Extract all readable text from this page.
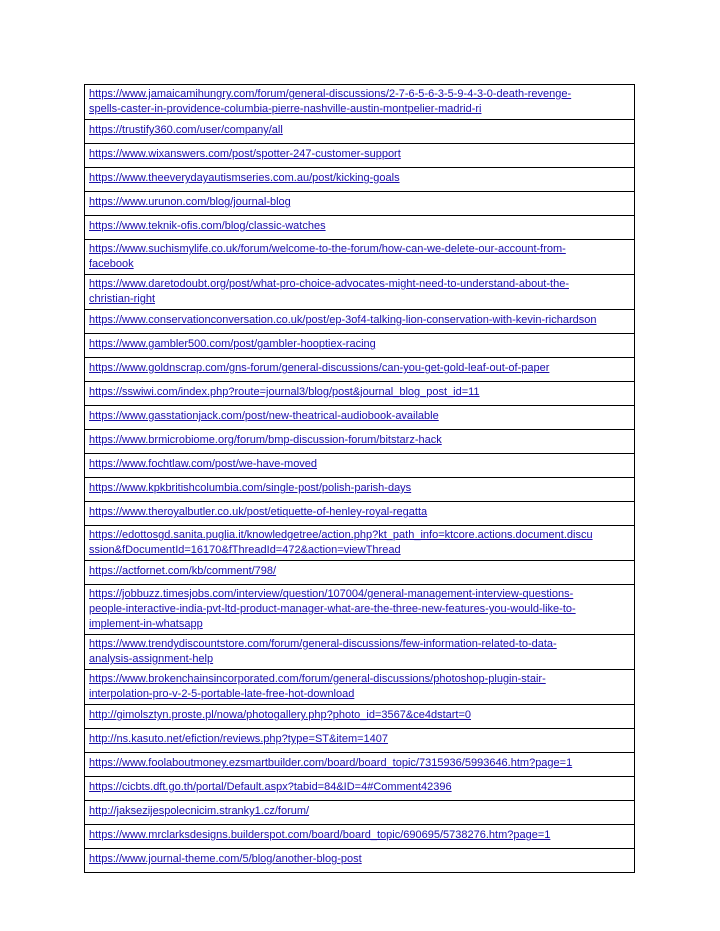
https://www.jamaicamihungry.com/forum/general-discussions/2-7-6-5-6-3-5-9-4-3-0-death-revenge-
spells-caster-in-providence-columbia-pierre-nashville-austin-montpelier-madrid-ri
https://trustify360.com/user/company/all
https://www.wixanswers.com/post/spotter-247-customer-support
https://www.theeverydayautismseries.com.au/post/kicking-goals
https://www.urunon.com/blog/journal-blog
https://www.teknik-ofis.com/blog/classic-watches
https://www.suchismylife.co.uk/forum/welcome-to-the-forum/how-can-we-delete-our-account-from-
facebook
https://www.daretodoubt.org/post/what-pro-choice-advocates-might-need-to-understand-about-the-
christian-right
https://www.conservationconversation.co.uk/post/ep-3of4-talking-lion-conservation-with-kevin-richardson
https://www.gambler500.com/post/gambler-hooptiex-racing
https://www.goldnscrap.com/gns-forum/general-discussions/can-you-get-gold-leaf-out-of-paper
https://sswiwi.com/index.php?route=journal3/blog/post&journal_blog_post_id=11
https://www.gasstationjack.com/post/new-theatrical-audiobook-available
https://www.brmicrobiome.org/forum/bmp-discussion-forum/bitstarz-hack
https://www.fochtlaw.com/post/we-have-moved
https://www.kpkbritishcolumbia.com/single-post/polish-parish-days
https://www.theroyalbutler.co.uk/post/etiquette-of-henley-royal-regatta
https://edottosgd.sanita.puglia.it/knowledgetree/action.php?kt_path_info=ktcore.actions.document.discu
ssion&fDocumentId=16170&fThreadId=472&action=viewThread
https://actfornet.com/kb/comment/798/
https://jobbuzz.timesjobs.com/interview/question/107004/general-management-interview-questions-
people-interactive-india-pvt-ltd-product-manager-what-are-the-three-new-features-you-would-like-to-
implement-in-whatsapp
https://www.trendydiscountstore.com/forum/general-discussions/few-information-related-to-data-
analysis-assignment-help
https://www.brokenchainsincorporated.com/forum/general-discussions/photoshop-plugin-stair-
interpolation-pro-v-2-5-portable-late-free-hot-download
http://gimolsztyn.proste.pl/nowa/photogallery.php?photo_id=3567&ce4dstart=0
http://ns.kasuto.net/efiction/reviews.php?type=ST&item=1407
https://www.foolaboutmoney.ezsmartbuilder.com/board/board_topic/7315936/5993646.htm?page=1
https://cicbts.dft.go.th/portal/Default.aspx?tabid=84&ID=4#Comment42396
http://jaksezijespolecnicim.stranky1.cz/forum/
https://www.mrclarksdesigns.builderspot.com/board/board_topic/690695/5738276.htm?page=1
https://www.journal-theme.com/5/blog/another-blog-post
